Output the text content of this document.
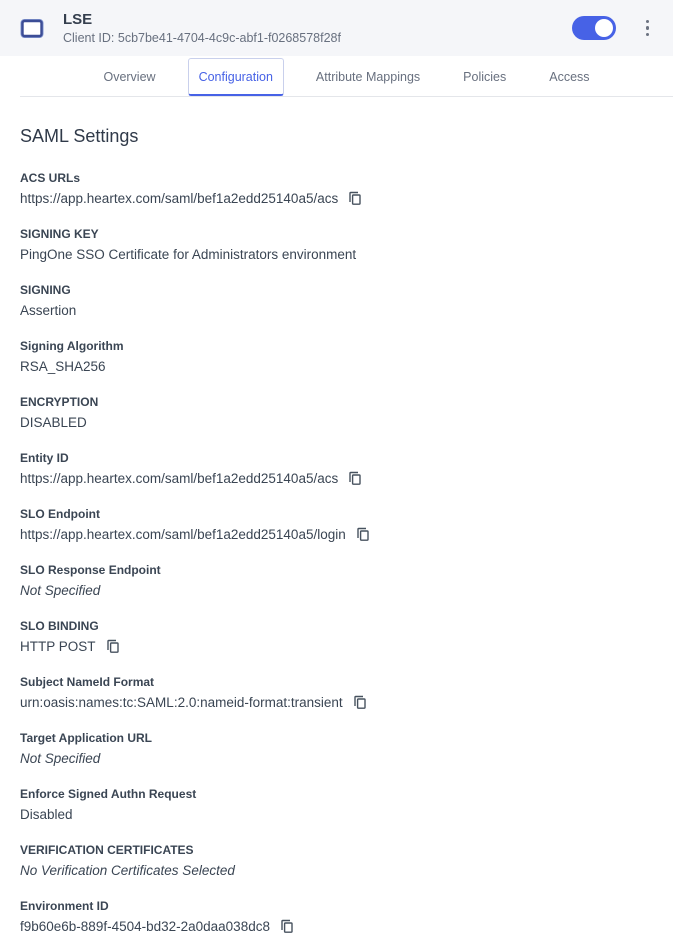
LSE
Client ID: 5cb7be41-4704-4c9c-abf1-f0268578f28f
Overview	Configuration	Attribute Mappings	Policies	Access
SAML Settings
ACS URLs
https://app.heartex.com/saml/bef1a2edd25140a5/acs
SIGNING KEY
PingOne SSO Certificate for Administrators environment
SIGNING
Assertion
Signing Algorithm
RSA_SHA256
ENCRYPTION
DISABLED
Entity ID
https://app.heartex.com/saml/bef1a2edd25140a5/acs
SLO Endpoint
https://app.heartex.com/saml/bef1a2edd25140a5/login
SLO Response Endpoint
Not Specified
SLO BINDING
HTTP POST
Subject NameId Format
urn:oasis:names:tc:SAML:2.0:nameid-format:transient
Target Application URL
Not Specified
Enforce Signed Authn Request
Disabled
VERIFICATION CERTIFICATES
No Verification Certificates Selected
Environment ID
f9b60e6b-889f-4504-bd32-2a0daa038dc8
